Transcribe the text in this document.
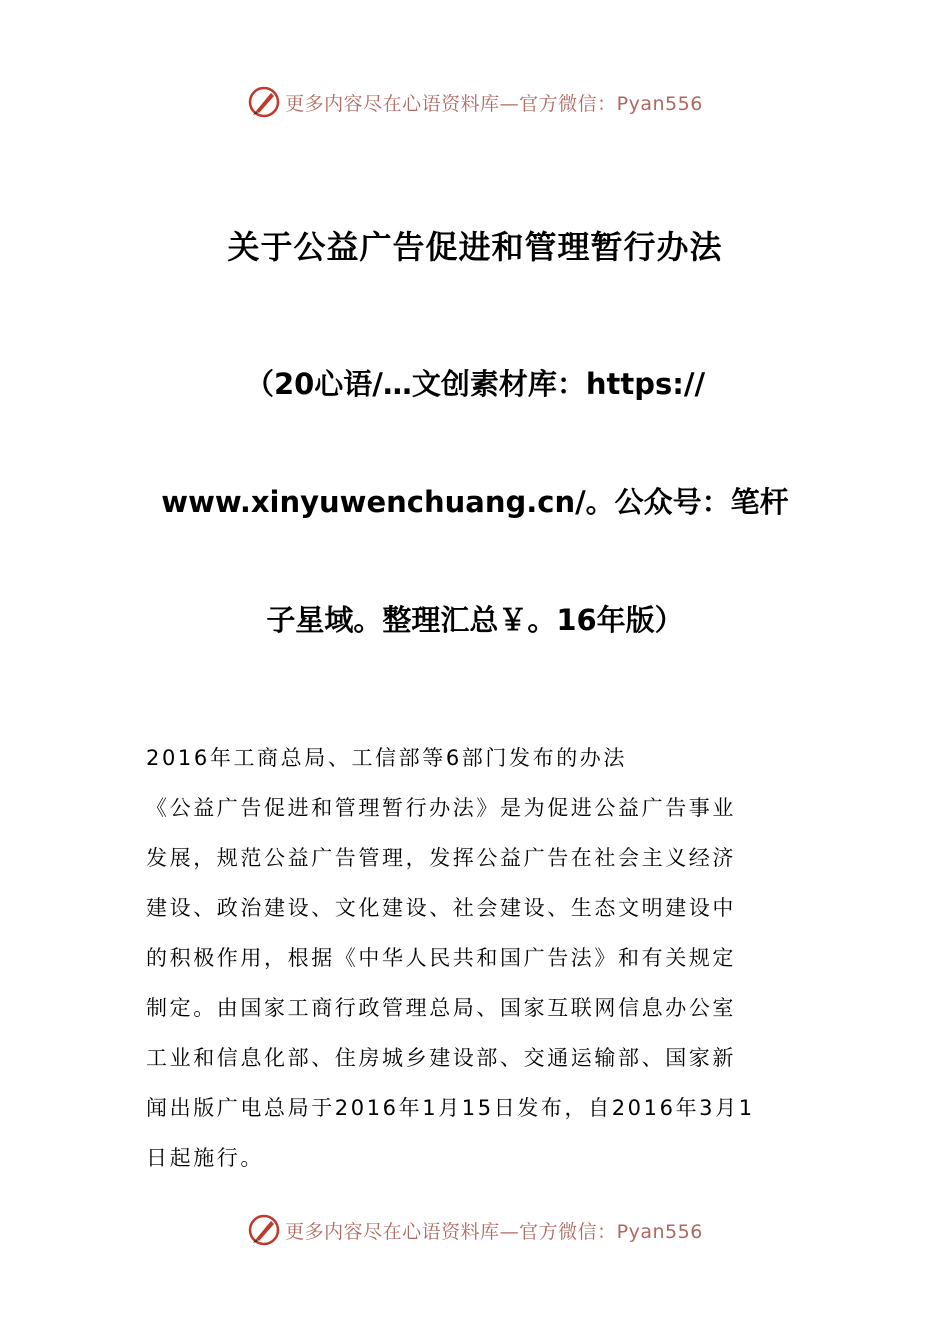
更多内容尽在心语资料库—官方微信：Pyan556
关于公益广告促进和管理暂行办法
（20心语/…文创素材库：https://
www.xinyuwenchuang.cn/。公众号：笔杆
子星域。整理汇总￥。16年版）
2016年工商总局、工信部等6部门发布的办法
《公益广告促进和管理暂行办法》是为促进公益广告事业
发展，规范公益广告管理，发挥公益广告在社会主义经济
建设、政治建设、文化建设、社会建设、生态文明建设中
的积极作用，根据《中华人民共和国广告法》和有关规定
制定。由国家工商行政管理总局、国家互联网信息办公室
工业和信息化部、住房城乡建设部、交通运输部、国家新
闻出版广电总局于2016年1月15日发布，自2016年3月1
日起施行。
更多内容尽在心语资料库—官方微信：Pyan556
